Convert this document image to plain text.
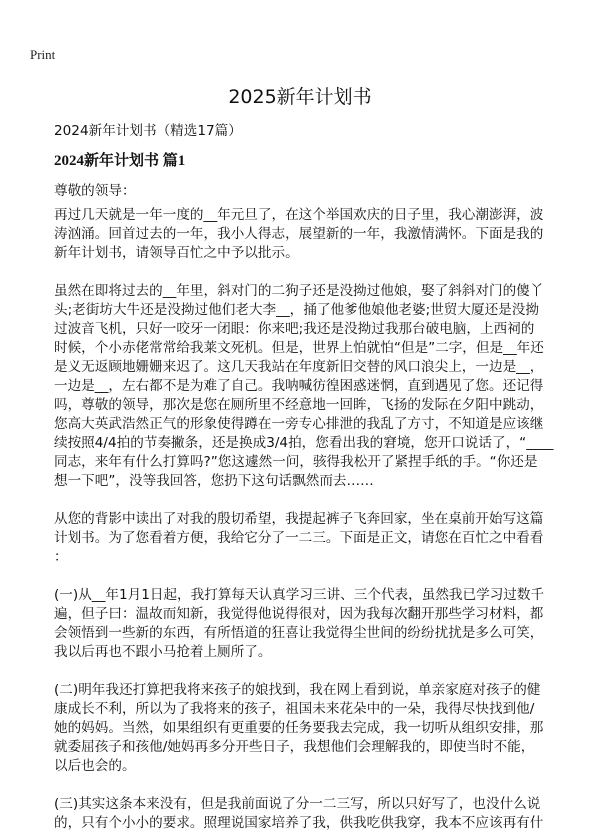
Print
2025新年计划书
2024新年计划书（精选17篇）
2024新年计划书 篇1
尊敬的领导：
再过几天就是一年一度的__年元旦了，在这个举国欢庆的日子里，我心潮澎湃，波
涛汹涌。回首过去的一年，我小人得志，展望新的一年，我激情满怀。下面是我的
新年计划书，请领导百忙之中予以批示。
虽然在即将过去的__年里，斜对门的二狗子还是没拗过他娘，娶了斜斜对门的傻丫
头;老街坊大牛还是没拗过他们老大李__，捅了他爹他娘他老婆;世贸大厦还是没拗
过波音飞机，只好一咬牙一闭眼：你来吧;我还是没拗过我那台破电脑，上西祠的
时候，个小赤佬常常给我莱文死机。但是，世界上怕就怕“但是”二字，但是__年还
是义无返顾地姗姗来迟了。这几天我站在年度新旧交替的风口浪尖上，一边是__，
一边是__，左右都不是为难了自己。我呐喊彷徨困惑迷惘，直到遇见了您。还记得
吗，尊敬的领导，那次是您在厕所里不经意地一回眸，飞扬的发际在夕阳中跳动，
您高大英武浩然正气的形象使得蹲在一旁专心排泄的我乱了方寸，不知道是应该继
续按照4/4拍的节奏撇条，还是换成3/4拍，您看出我的窘境，您开口说话了，“____
同志，来年有什么打算吗?”您这遽然一问，骇得我松开了紧捏手纸的手。“你还是
想一下吧”，没等我回答，您扔下这句话飘然而去……
从您的背影中读出了对我的殷切希望，我提起裤子飞奔回家，坐在桌前开始写这篇
计划书。为了您看着方便，我给它分了一二三。下面是正文，请您在百忙之中看看
：
(一)从__年1月1日起，我打算每天认真学习三讲、三个代表，虽然我已学习过数千
遍，但子曰：温故而知新，我觉得他说得很对，因为我每次翻开那些学习材料，都
会领悟到一些新的东西，有所悟道的狂喜让我觉得尘世间的纷纷扰扰是多么可笑，
我以后再也不跟小马抢着上厕所了。
(二)明年我还打算把我将来孩子的娘找到，我在网上看到说，单亲家庭对孩子的健
康成长不利，所以为了我将来的孩子，祖国未来花朵中的一朵，我得尽快找到他/
她的妈妈。当然，如果组织有更重要的任务要我去完成，我一切听从组织安排，那
就委屈孩子和孩他/她妈再多分开些日子，我想他们会理解我的，即使当时不能，
以后也会的。
(三)其实这条本来没有，但是我前面说了分一二三写，所以只好写了，也没什么说
的，只有个小小的要求。照理说国家培养了我，供我吃供我穿，我本不应该再有什
